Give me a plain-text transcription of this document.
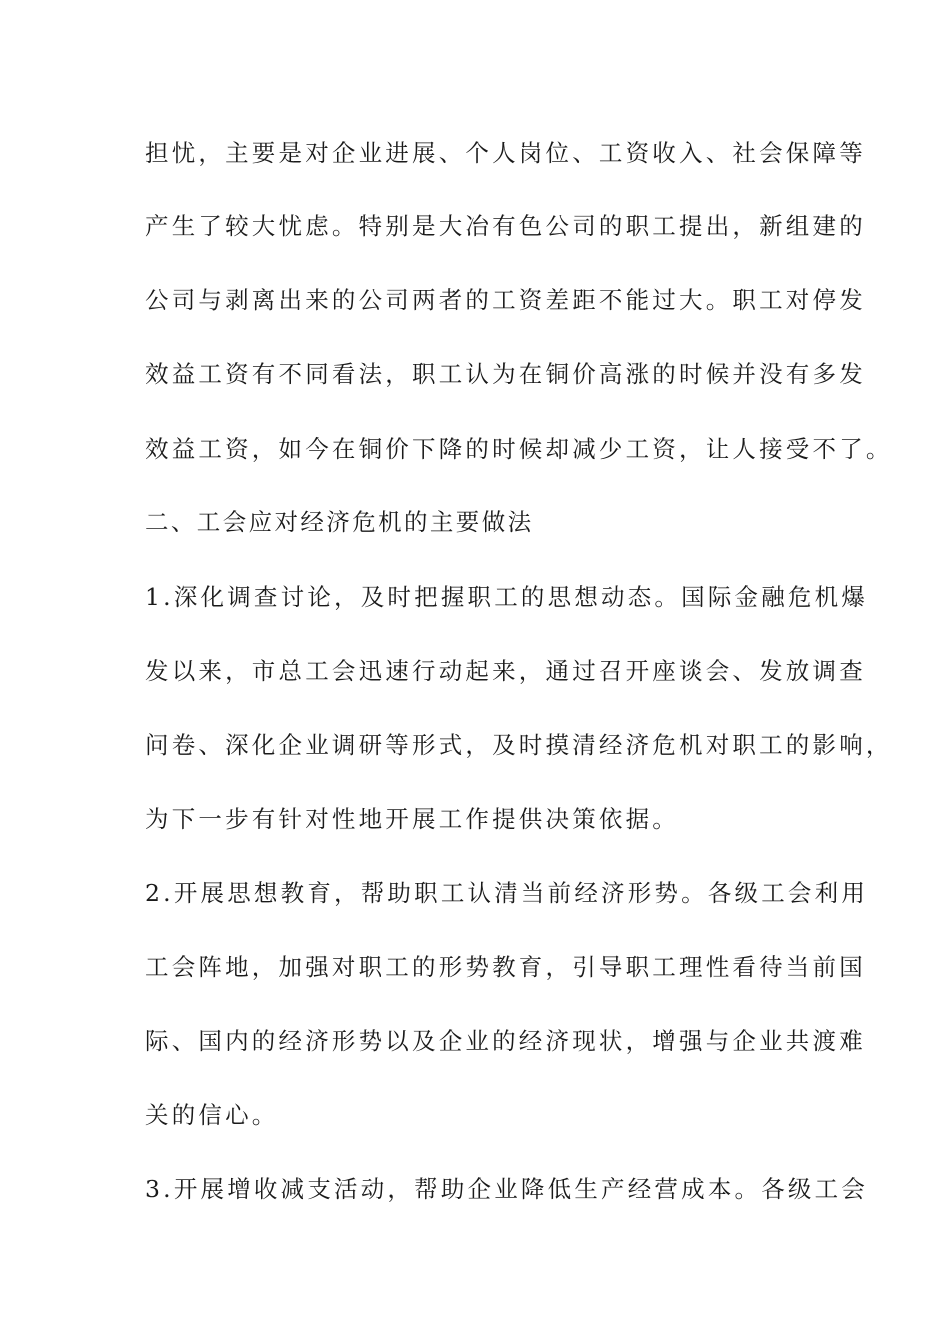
担忧，主要是对企业进展、个人岗位、工资收入、社会保障等
产生了较大忧虑。特别是大冶有色公司的职工提出，新组建的
公司与剥离出来的公司两者的工资差距不能过大。职工对停发
效益工资有不同看法，职工认为在铜价高涨的时候并没有多发
效益工资，如今在铜价下降的时候却减少工资，让人接受不了。
二、工会应对经济危机的主要做法
1.深化调查讨论，及时把握职工的思想动态。国际金融危机爆
发以来，市总工会迅速行动起来，通过召开座谈会、发放调查
问卷、深化企业调研等形式，及时摸清经济危机对职工的影响，
为下一步有针对性地开展工作提供决策依据。
2.开展思想教育，帮助职工认清当前经济形势。各级工会利用
工会阵地，加强对职工的形势教育，引导职工理性看待当前国
际、国内的经济形势以及企业的经济现状，增强与企业共渡难
关的信心。
3.开展增收减支活动，帮助企业降低生产经营成本。各级工会
